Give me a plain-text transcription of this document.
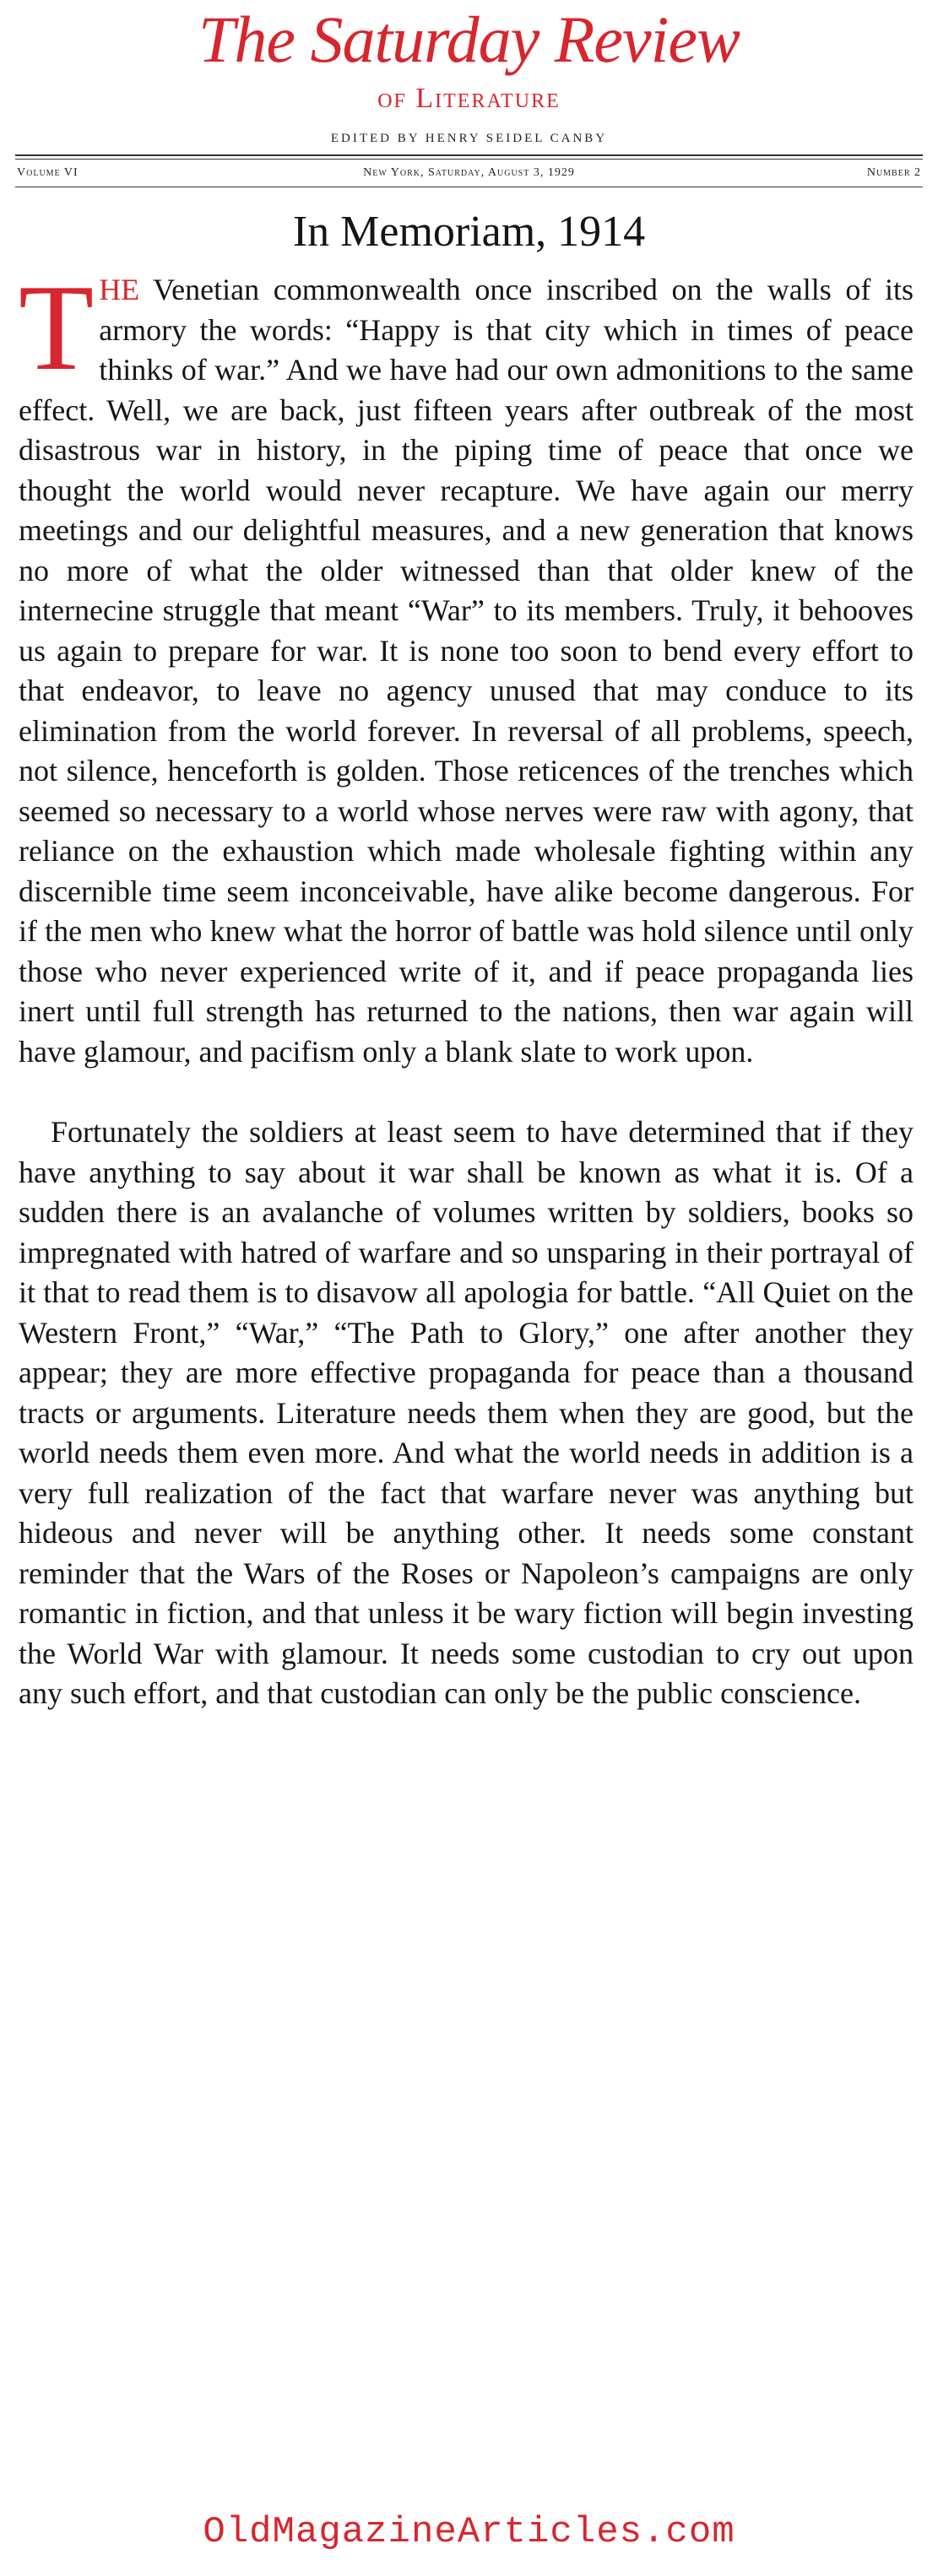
The Saturday Review
of Literature
EDITED BY HENRY SEIDEL CANBY
Volume VI	New York, Saturday, August 3, 1929	Number 2
In Memoriam, 1914

THE Venetian commonwealth once inscribed on the walls of its armory the words: “Happy is that city which in times of peace thinks of war.” And we have had our own admonitions to the same effect. Well, we are back, just fifteen years after outbreak of the most disastrous war in history, in the piping time of peace that once we thought the world would never recapture. We have again our merry meetings and our delightful measures, and a new generation that knows no more of what the older witnessed than that older knew of the internecine struggle that meant “War” to its members. Truly, it behooves us again to prepare for war. It is none too soon to bend every effort to that endeavor, to leave no agency unused that may conduce to its elimination from the world forever. In reversal of all problems, speech, not silence, henceforth is golden. Those reticences of the trenches which seemed so necessary to a world whose nerves were raw with agony, that reliance on the exhaustion which made wholesale fighting within any discernible time seem inconceivable, have alike become dangerous. For if the men who knew what the horror of battle was hold silence until only those who never experienced write of it, and if peace propaganda lies inert until full strength has returned to the nations, then war again will have glamour, and pacifism only a blank slate to work upon.

Fortunately the soldiers at least seem to have determined that if they have anything to say about it war shall be known as what it is. Of a sudden there is an avalanche of volumes written by soldiers, books so impregnated with hatred of warfare and so unsparing in their portrayal of it that to read them is to disavow all apologia for battle. “All Quiet on the Western Front,” “War,” “The Path to Glory,” one after another they appear; they are more effective propaganda for peace than a thousand tracts or arguments. Literature needs them when they are good, but the world needs them even more. And what the world needs in addition is a very full realization of the fact that warfare never was anything but hideous and never will be anything other. It needs some constant reminder that the Wars of the Roses or Napoleon’s campaigns are only romantic in fiction, and that unless it be wary fiction will begin investing the World War with glamour. It needs some custodian to cry out upon any such effort, and that custodian can only be the public conscience.

OldMagazineArticles.com
